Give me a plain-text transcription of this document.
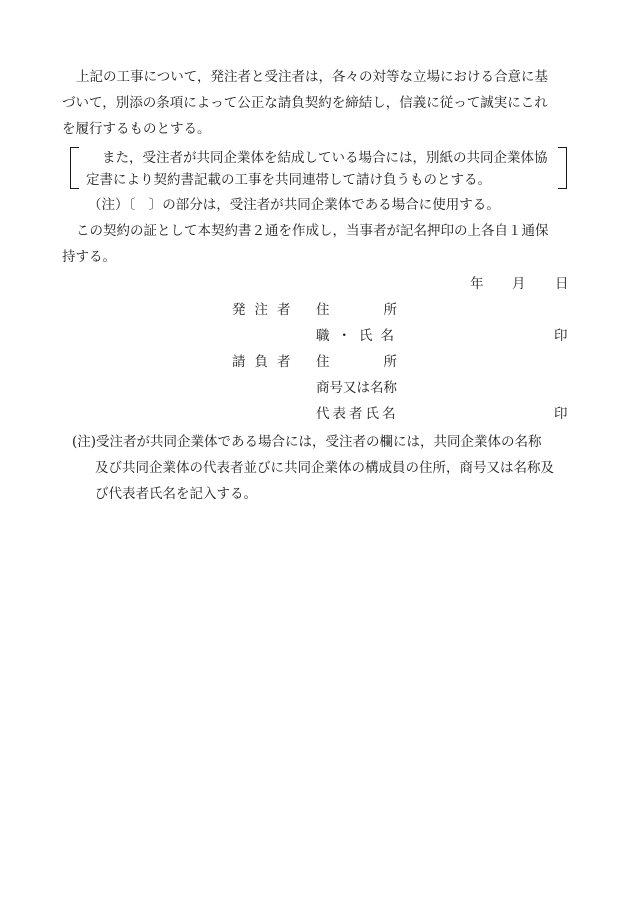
上記の工事について，発注者と受注者は，各々の対等な立場における合意に基

づいて，別添の条項によって公正な請負契約を締結し，信義に従って誠実にこれ

を履行するものとする。

また，受注者が共同企業体を結成している場合には，別紙の共同企業体協
定書により契約書記載の工事を共同連帯して請け負うものとする。
（注）〔　〕の部分は，受注者が共同企業体である場合に使用する。
この契約の証として本契約書２通を作成し，当事者が記名押印の上各自１通保
持する。
年 月 日
発注者 住所
職・氏名	印
請負者 住所
商号又は名称
代表者氏名	印
(注)受注者が共同企業体である場合には，受注者の欄には，共同企業体の名称
及び共同企業体の代表者並びに共同企業体の構成員の住所，商号又は名称及
び代表者氏名を記入する。
